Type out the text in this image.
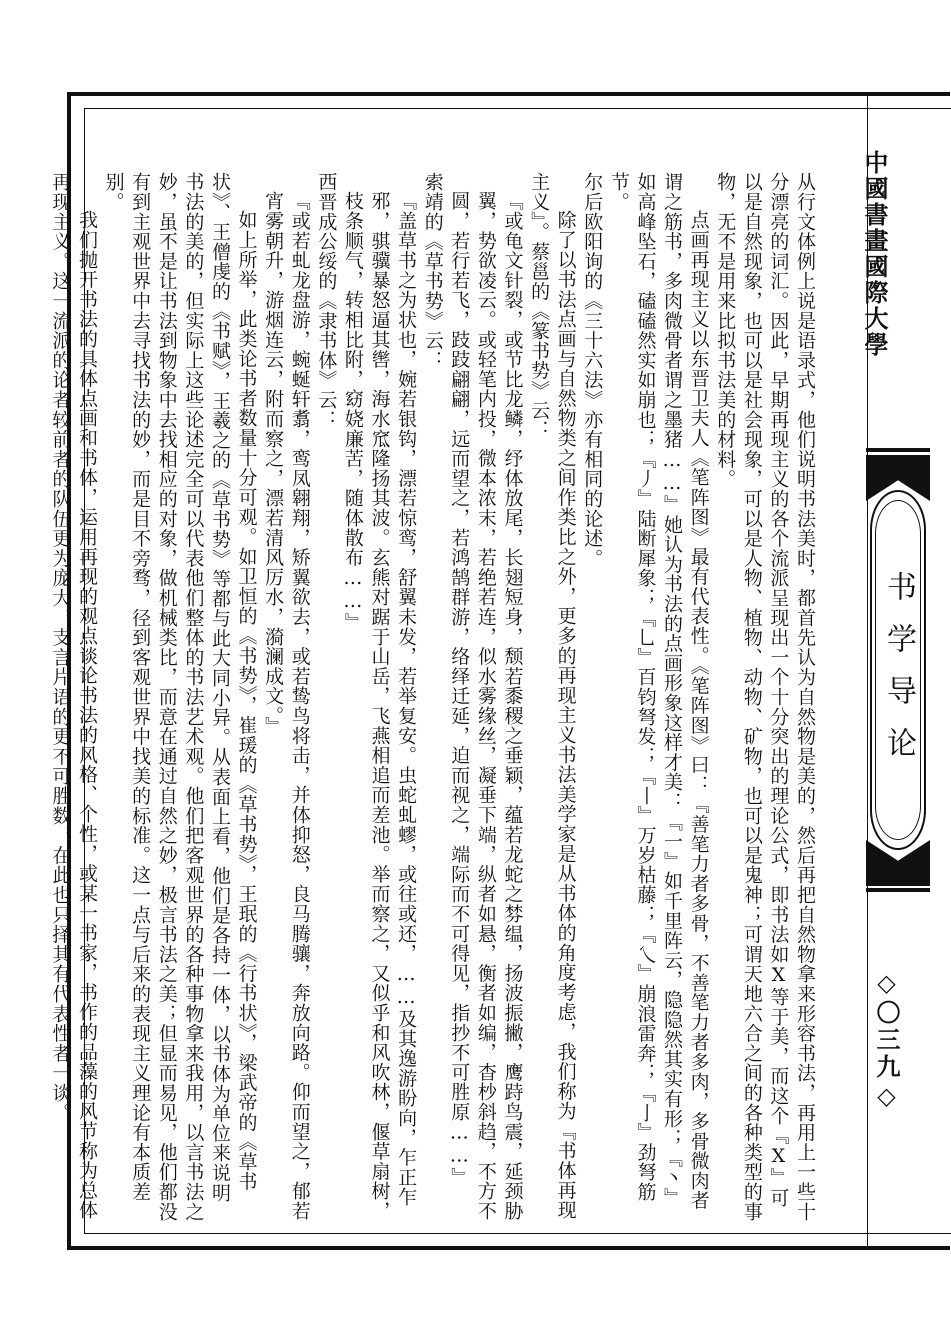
中國書畫國際大學
书学导论
◇〇三九◇

从行文体例上说是语录式，他们说明书法美时，都首先认为自然物是美的，然后再把自然物拿来形容书法，再用上一些十分漂亮的词汇。因此，早期再现主义的各个流派呈现出一个十分突出的理论公式，即书法如X等于美，而这个『X』可以是自然现象，也可以是社会现象，可以是人物、植物、动物、矿物，也可以是鬼神；可谓天地六合之间的各种类型的事物，无不是用来比拟书法美的材料。

点画再现主义以东晋卫夫人《笔阵图》最有代表性。《笔阵图》曰：『善笔力者多骨，不善笔力者多肉，多骨微肉者谓之筋书，多肉微骨者谓之墨猪……』她认为书法的点画形象这样才美：『一』如千里阵云，隐隐然其实有形；『丶』如高峰坠石，磕磕然实如崩也；『丿』陆断犀象；『乚』百钧弩发；『丨』万岁枯藤；『乀』崩浪雷奔；『亅』劲弩筋节。

尔后欧阳询的《三十六法》亦有相同的论述。

除了以书法点画与自然物类之间作类比之外，更多的再现主义书法美学家是从书体的角度考虑，我们称为『书体再现主义』。蔡邕的《篆书势》云：

『或龟文针裂，或节比龙鳞，纾体放尾，长翅短身，颓若黍稷之垂颖，蕴若龙蛇之棼缊，扬波振撇，鹰跱鸟震，延颈胁翼，势欲凌云。或轻笔内投，微本浓末，若绝若连，似水雾缘丝，凝垂下端，纵者如悬，衡者如编，杳杪斜趋，不方不圆，若行若飞，跂跂翩翩，远而望之，若鸿鹄群游，络绎迁延，迫而视之，端际而不可得见，指抄不可胜原……』

索靖的《草书势》云：

『盖草书之为状也，婉若银钩，漂若惊鸾，舒翼未发，若举复安。虫蛇虬蟉，或往或还，……及其逸游盼向，乍正乍邪，骐骥暴怒逼其辔，海水窊隆扬其波。玄熊对踞于山岳，飞燕相追而差池。举而察之，又似乎和风吹林，偃草扇树，枝条顺气，转相比附，窈娆廉苦，随体散布……』

西晋成公绥的《隶书体》云：

『或若虬龙盘游，蜿蜒轩翥，鸾凤翱翔，矫翼欲去，或若鸷鸟将击，并体抑怒，良马腾骧，奔放向路。仰而望之，郁若宵雾朝升，游烟连云，附而察之，漂若清风厉水，漪澜成文。』

如上所举，此类论书者数量十分可观。如卫恒的《书势》，崔瑗的《草书势》，王珉的《行书状》，梁武帝的《草书状》、王僧虔的《书赋》，王羲之的《草书势》等都与此大同小异。从表面上看，他们是各持一体，以书体为单位来说明书法的美的，但实际上这些论述完全可以代表他们整体的书法艺术观。他们把客观世界的各种事物拿来我用，以言书法之妙，虽不是让书法到物象中去找相应的对象，做机械类比，而意在通过自然之妙，极言书法之美；但显而易见，他们都没有到主观世界中去寻找书法的妙，而是目不旁骛，径到客观世界中找美的标准。这一点与后来的表现主义理论有本质差别。

我们抛开书法的具体点画和书体，运用再现的观点谈论书法的风格、个性，或某一书家，书作的品藻的风节称为总体再现主义。这一流派的论者较前者的队伍更为庞大，支言片语的更不可胜数，在此也只择其有代表性者一谈。
